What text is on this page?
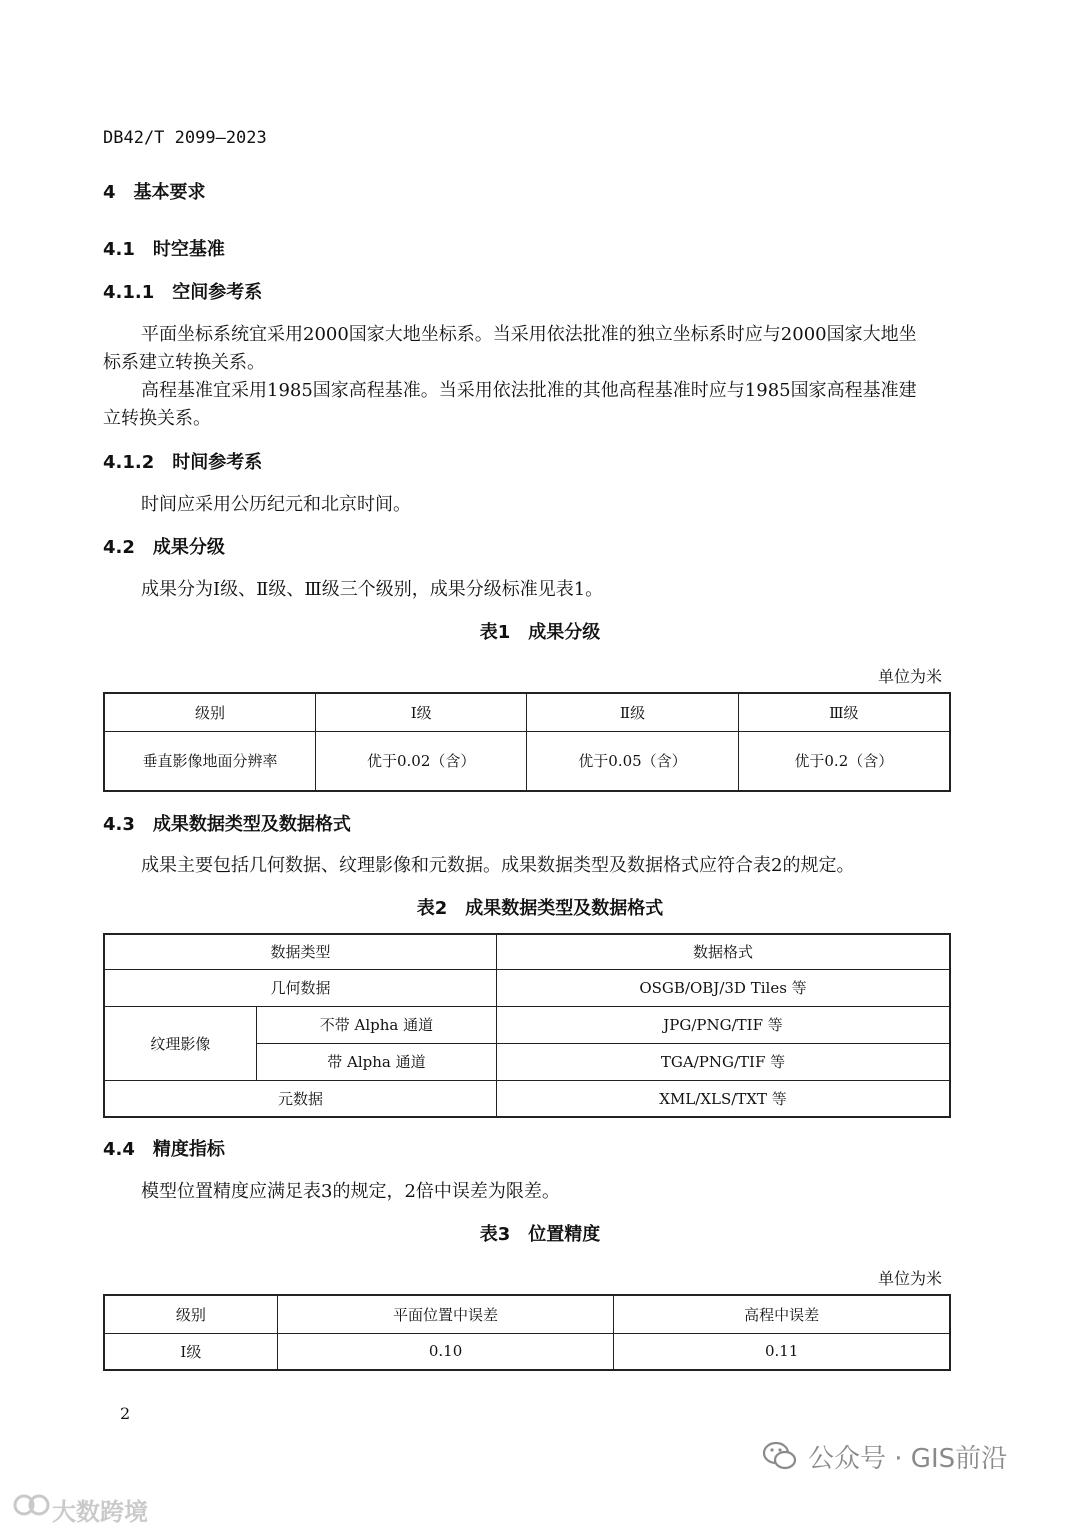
DB42/T 2099—2023
4　基本要求
4.1　时空基准
4.1.1　空间参考系
平面坐标系统宜采用2000国家大地坐标系。当采用依法批准的独立坐标系时应与2000国家大地坐
标系建立转换关系。
高程基准宜采用1985国家高程基准。当采用依法批准的其他高程基准时应与1985国家高程基准建
立转换关系。
4.1.2　时间参考系
时间应采用公历纪元和北京时间。
4.2　成果分级
成果分为Ⅰ级、Ⅱ级、Ⅲ级三个级别，成果分级标准见表1。
表1　成果分级
单位为米
级别	Ⅰ级	Ⅱ级	Ⅲ级
垂直影像地面分辨率	优于0.02（含）	优于0.05（含）	优于0.2（含）
4.3　成果数据类型及数据格式
成果主要包括几何数据、纹理影像和元数据。成果数据类型及数据格式应符合表2的规定。
表2　成果数据类型及数据格式
数据类型		数据格式
几何数据		OSGB/OBJ/3D Tiles 等
纹理影像	不带 Alpha 通道	JPG/PNG/TIF 等
	带 Alpha 通道	TGA/PNG/TIF 等
元数据		XML/XLS/TXT 等
4.4　精度指标
模型位置精度应满足表3的规定，2倍中误差为限差。
表3　位置精度
单位为米
级别	平面位置中误差	高程中误差
Ⅰ级	0.10	0.11
2
公众号 · GIS前沿
大数跨境
